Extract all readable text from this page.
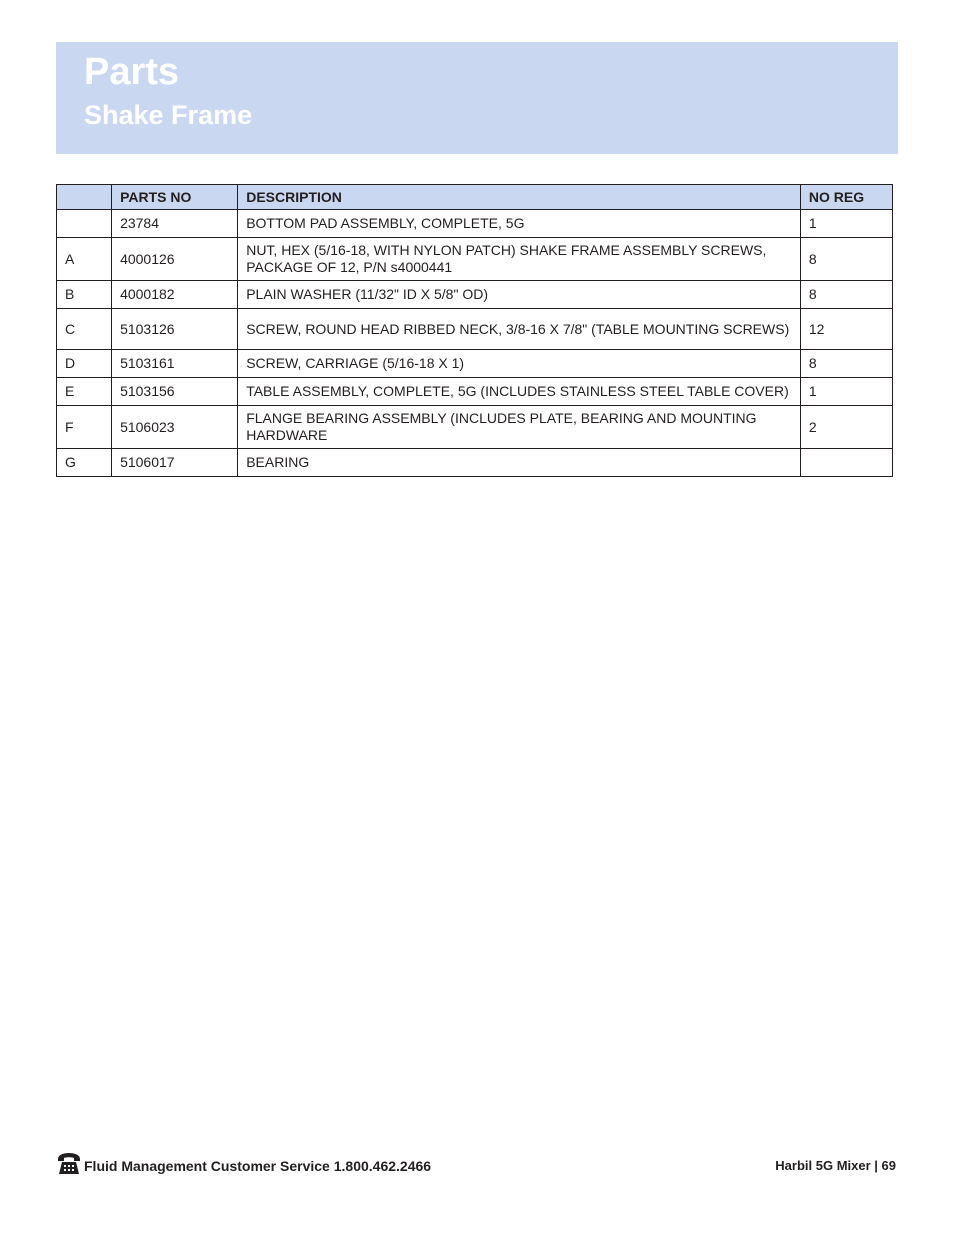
Parts
Shake Frame
	PARTS NO	DESCRIPTION	NO REG
	23784	BOTTOM PAD ASSEMBLY, COMPLETE, 5G	1
A	4000126	NUT, HEX (5/16-18, WITH NYLON PATCH) SHAKE FRAME ASSEMBLY SCREWS, PACKAGE OF 12, P/N s4000441	8
B	4000182	PLAIN WASHER (11/32" ID X 5/8" OD)	8
C	5103126	SCREW, ROUND HEAD RIBBED NECK, 3/8-16 X 7/8" (TABLE MOUNTING SCREWS)	12
D	5103161	SCREW, CARRIAGE (5/16-18 X 1)	8
E	5103156	TABLE ASSEMBLY, COMPLETE, 5G (INCLUDES STAINLESS STEEL TABLE COVER)	1
F	5106023	FLANGE BEARING ASSEMBLY (INCLUDES PLATE, BEARING AND MOUNTING HARDWARE	2
G	5106017	BEARING	
Fluid Management Customer Service 1.800.462.2466	Harbil 5G Mixer | 69
